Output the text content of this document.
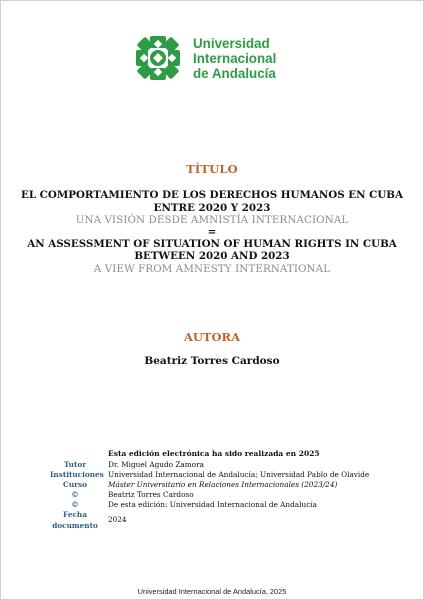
Universidad
Internacional
de Andalucía
TÍTULO
EL COMPORTAMIENTO DE LOS DERECHOS HUMANOS EN CUBA
ENTRE 2020 Y 2023
UNA VISIÓN DESDE AMNISTÍA INTERNACIONAL
=
AN ASSESSMENT OF SITUATION OF HUMAN RIGHTS IN CUBA
BETWEEN 2020 AND 2023
A VIEW FROM AMNESTY INTERNATIONAL
AUTORA
Beatriz Torres Cardoso
Esta edición electrónica ha sido realizada en 2025
Tutor
Instituciones
Curso
©
©
Fecha
documento
Dr. Miguel Agudo Zamora
Universidad Internacional de Andalucía; Universidad Pablo de Olavide
Máster Universitario en Relaciones Internacionales (2023/24)
Beatriz Torres Cardoso
De esta edición: Universidad Internacional de Andalucía
2024
Universidad Internacional de Andalucía, 2025
